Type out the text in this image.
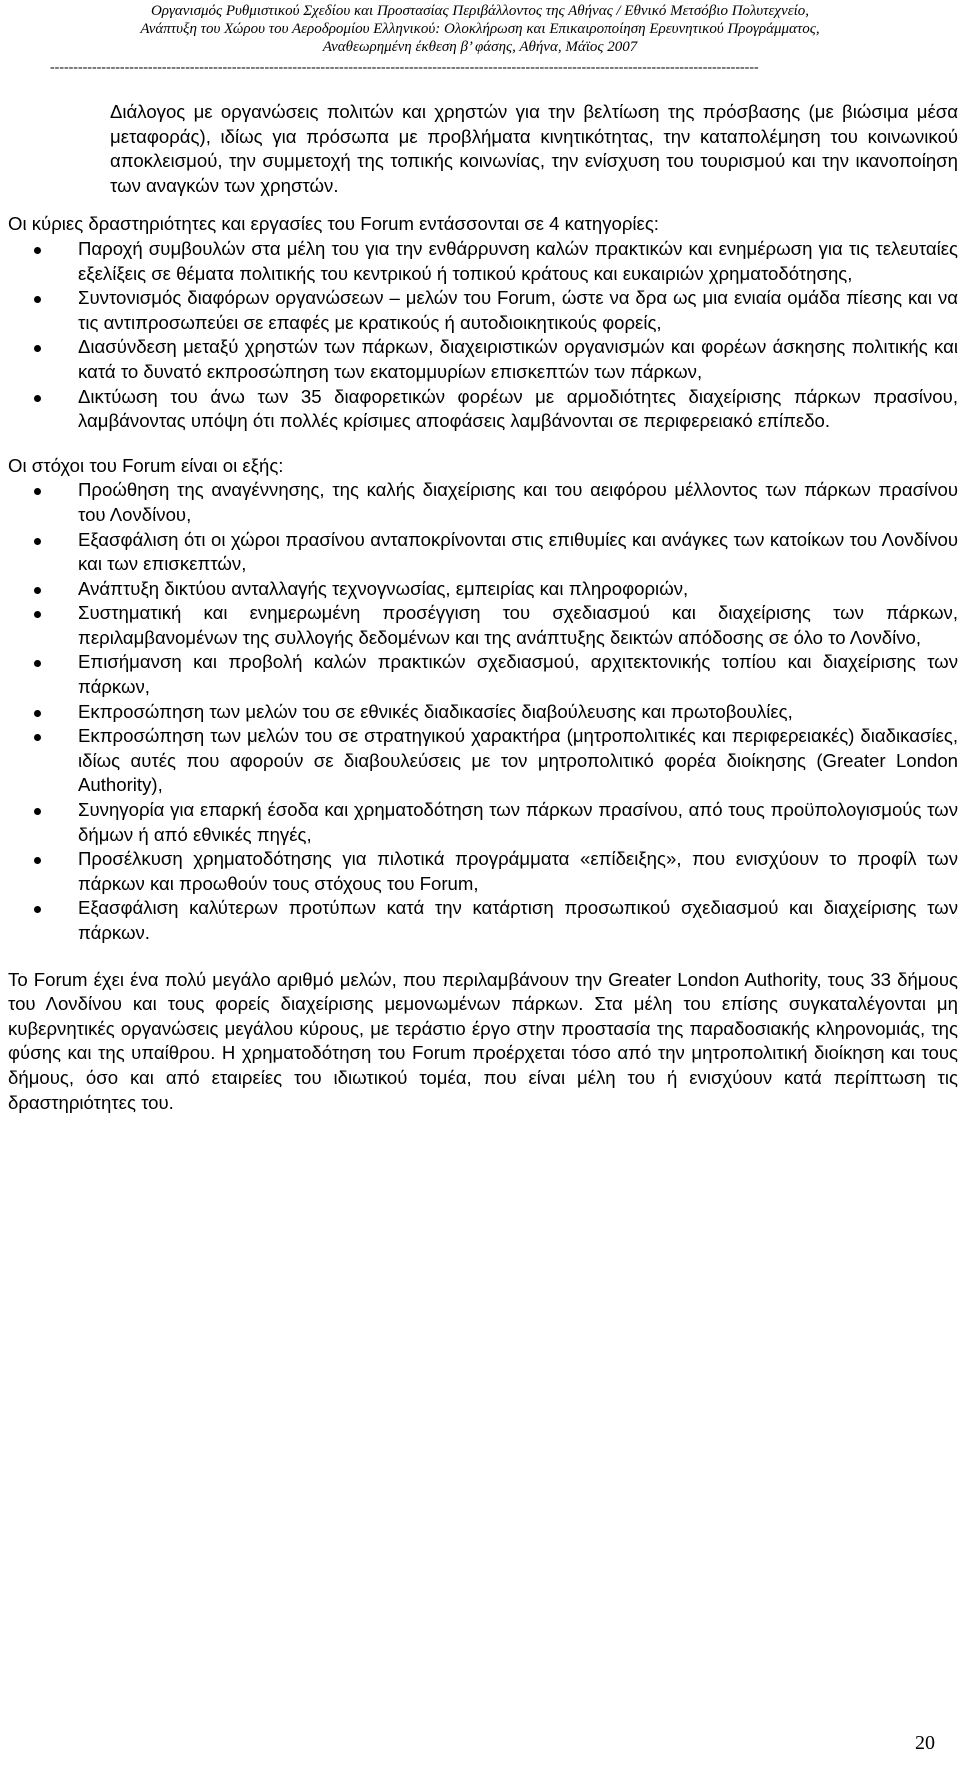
Οργανισμός Ρυθμιστικού Σχεδίου και Προστασίας Περιβάλλοντος της Αθήνας / Εθνικό Μετσόβιο Πολυτεχνείο,
Ανάπτυξη του Χώρου του Αεροδρομίου Ελληνικού: Ολοκλήρωση και Επικαιροποίηση Ερευνητικού Προγράμματος,
Αναθεωρημένη έκθεση β’ φάσης, Αθήνα, Μάϊος 2007
--------------------------------------------------------------------------------------------------------------------------------------------------------

Διάλογος με οργανώσεις πολιτών και χρηστών για την βελτίωση της πρόσβασης (με βιώσιμα μέσα μεταφοράς), ιδίως για πρόσωπα με προβλήματα κινητικότητας, την καταπολέμηση του κοινωνικού αποκλεισμού, την συμμετοχή της τοπικής κοινωνίας, την ενίσχυση του τουρισμού και την ικανοποίηση των αναγκών των χρηστών.

Οι κύριες δραστηριότητες και εργασίες του Forum εντάσσονται σε 4 κατηγορίες:

Παροχή συμβουλών στα μέλη του για την ενθάρρυνση καλών πρακτικών και ενημέρωση για τις τελευταίες εξελίξεις σε θέματα πολιτικής του κεντρικού ή τοπικού κράτους και ευκαιριών χρηματοδότησης,
Συντονισμός διαφόρων οργανώσεων – μελών του Forum, ώστε να δρα ως μια ενιαία ομάδα πίεσης και να τις αντιπροσωπεύει σε επαφές με κρατικούς ή αυτοδιοικητικούς φορείς,
Διασύνδεση μεταξύ χρηστών των πάρκων, διαχειριστικών οργανισμών και φορέων άσκησης πολιτικής και κατά το δυνατό εκπροσώπηση των εκατομμυρίων επισκεπτών των πάρκων,
Δικτύωση του άνω των 35 διαφορετικών φορέων με αρμοδιότητες διαχείρισης πάρκων πρασίνου, λαμβάνοντας υπόψη ότι πολλές κρίσιμες αποφάσεις λαμβάνονται σε περιφερειακό επίπεδο.

Οι στόχοι του Forum είναι οι εξής:

Προώθηση της αναγέννησης, της καλής διαχείρισης και του αειφόρου μέλλοντος των πάρκων πρασίνου του Λονδίνου,
Εξασφάλιση ότι οι χώροι πρασίνου ανταποκρίνονται στις επιθυμίες και ανάγκες των κατοίκων του Λονδίνου και των επισκεπτών,
Ανάπτυξη δικτύου ανταλλαγής τεχνογνωσίας, εμπειρίας και πληροφοριών,
Συστηματική και ενημερωμένη προσέγγιση του σχεδιασμού και διαχείρισης των πάρκων, περιλαμβανομένων της συλλογής δεδομένων και της ανάπτυξης δεικτών απόδοσης σε όλο το Λονδίνο,
Επισήμανση και προβολή καλών πρακτικών σχεδιασμού, αρχιτεκτονικής τοπίου και διαχείρισης των πάρκων,
Εκπροσώπηση των μελών του σε εθνικές διαδικασίες διαβούλευσης και πρωτοβουλίες,
Εκπροσώπηση των μελών του σε στρατηγικού χαρακτήρα (μητροπολιτικές και περιφερειακές) διαδικασίες, ιδίως αυτές που αφορούν σε διαβουλεύσεις με τον μητροπολιτικό φορέα διοίκησης (Greater London Authority),
Συνηγορία για επαρκή έσοδα και χρηματοδότηση των πάρκων πρασίνου, από τους προϋπολογισμούς των δήμων ή από εθνικές πηγές,
Προσέλκυση χρηματοδότησης για πιλοτικά προγράμματα «επίδειξης», που ενισχύουν το προφίλ των πάρκων και προωθούν τους στόχους του Forum,
Εξασφάλιση καλύτερων προτύπων κατά την κατάρτιση προσωπικού σχεδιασμού και διαχείρισης των πάρκων.

Το Forum έχει ένα πολύ μεγάλο αριθμό μελών, που περιλαμβάνουν την Greater London Authority, τους 33 δήμους του Λονδίνου και τους φορείς διαχείρισης μεμονωμένων πάρκων. Στα μέλη του επίσης συγκαταλέγονται μη κυβερνητικές οργανώσεις μεγάλου κύρους, με τεράστιο έργο στην προστασία της παραδοσιακής κληρονομιάς, της φύσης και της υπαίθρου. Η χρηματοδότηση του Forum προέρχεται τόσο από την μητροπολιτική διοίκηση και τους δήμους, όσο και από εταιρείες του ιδιωτικού τομέα, που είναι μέλη του ή ενισχύουν κατά περίπτωση τις δραστηριότητες του.

20
